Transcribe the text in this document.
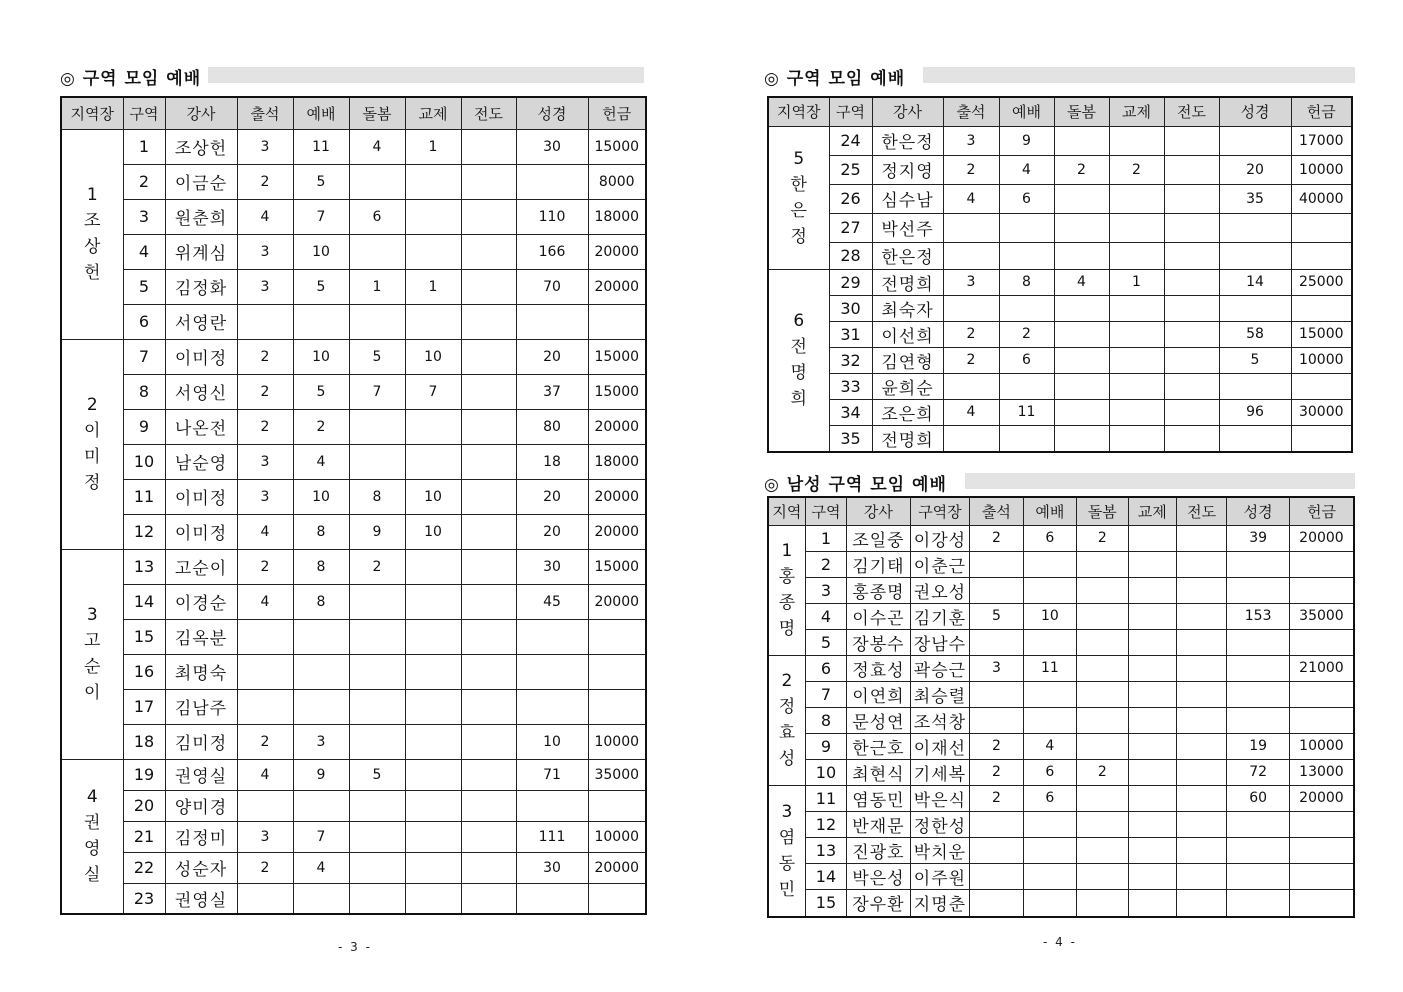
◎ 구역 모임 예배
지역장	구역	강사	출석	예배	돌봄	교제	전도	성경	헌금

1
조
상
헌	1	조상헌	3	11	4	1		30	15000
	2	이금순	2	5					8000
	3	원춘희	4	7	6			110	18000
	4	위계심	3	10				166	20000
	5	김정화	3	5	1	1		70	20000
	6	서영란							

2
이
미
정	7	이미정	2	10	5	10		20	15000
	8	서영신	2	5	7	7		37	15000
	9	나온전	2	2				80	20000
	10	남순영	3	4				18	18000
	11	이미정	3	10	8	10		20	20000
	12	이미정	4	8	9	10		20	20000

3
고
순
이	13	고순이	2	8	2			30	15000
	14	이경순	4	8				45	20000
	15	김옥분							
	16	최명숙							
	17	김남주							
	18	김미정	2	3				10	10000

4
권
영
실	19	권영실	4	9	5			71	35000
	20	양미경							
	21	김정미	3	7				111	10000
	22	성순자	2	4				30	20000
	23	권영실							
- 3 -
◎ 구역 모임 예배
지역장	구역	강사	출석	예배	돌봄	교제	전도	성경	헌금

5
한
은
정	24	한은정	3	9					17000
	25	정지영	2	4	2	2		20	10000
	26	심수남	4	6				35	40000
	27	박선주							
	28	한은정							

6
전
명
희	29	전명희	3	8	4	1		14	25000
	30	최숙자							
	31	이선희	2	2				58	15000
	32	김연형	2	6				5	10000
	33	윤희순							
	34	조은희	4	11				96	30000
	35	전명희							
◎ 남성 구역 모임 예배
지역	구역	강사	구역장	출석	예배	돌봄	교제	전도	성경	헌금

1
홍
종
명	1	조일중	이강성	2	6	2			39	20000
	2	김기태	이춘근							
	3	홍종명	권오성							
	4	이수곤	김기훈	5	10				153	35000
	5	장봉수	장남수							

2
정
효
성	6	정효성	곽승근	3	11					21000
	7	이연희	최승렬							
	8	문성연	조석창							
	9	한근호	이재선	2	4				19	10000
	10	최현식	기세복	2	6	2			72	13000

3
염
동
민	11	염동민	박은식	2	6				60	20000
	12	반재문	정한성							
	13	진광호	박치운							
	14	박은성	이주원							
	15	장우환	지명춘							
- 4 -
